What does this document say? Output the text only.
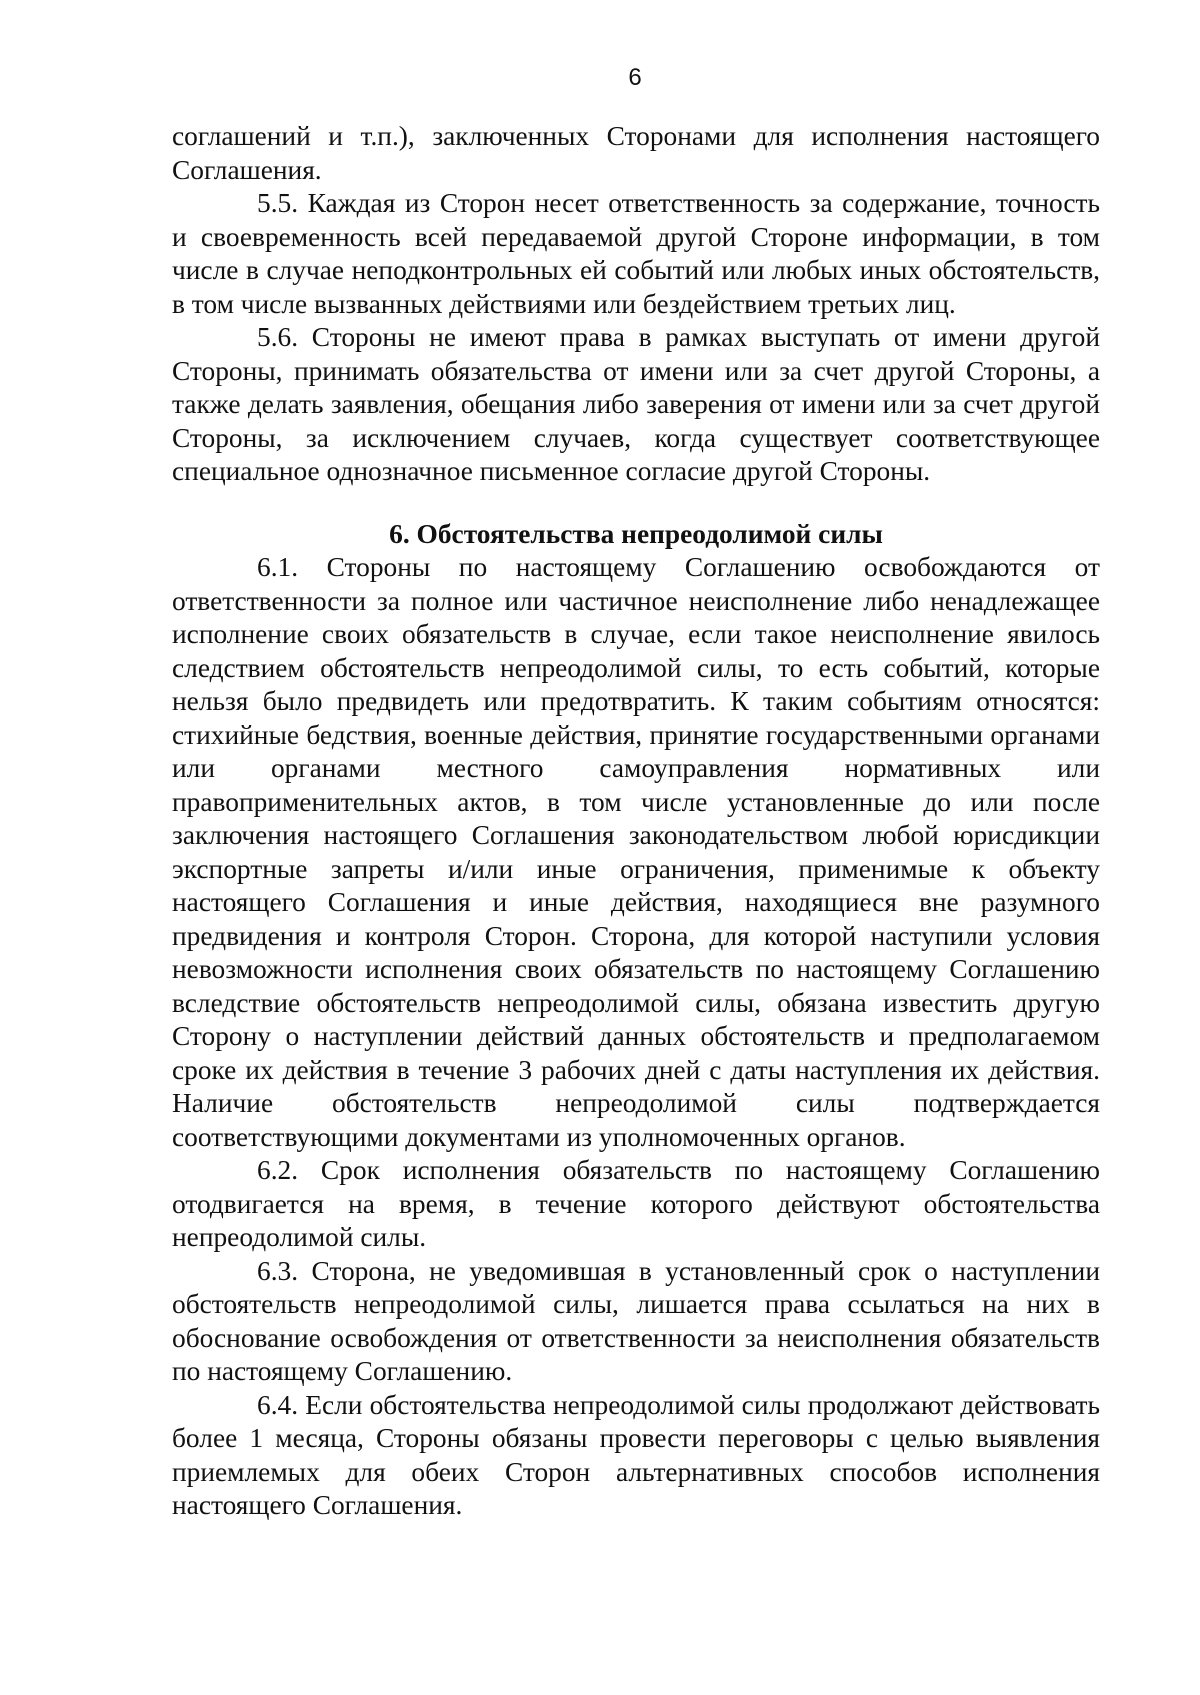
6

соглашений и т.п.), заключенных Сторонами для исполнения настоящего Соглашения.

5.5. Каждая из Сторон несет ответственность за содержание, точность и своевременность всей передаваемой другой Стороне информации, в том числе в случае неподконтрольных ей событий или любых иных обстоятельств, в том числе вызванных действиями или бездействием третьих лиц.

5.6. Стороны не имеют права в рамках выступать от имени другой Стороны, принимать обязательства от имени или за счет другой Стороны, а также делать заявления, обещания либо заверения от имени или за счет другой Стороны, за исключением случаев, когда существует соответствующее специальное однозначное письменное согласие другой Стороны.

6. Обстоятельства непреодолимой силы

6.1. Стороны по настоящему Соглашению освобождаются от ответственности за полное или частичное неисполнение либо ненадлежащее исполнение своих обязательств в случае, если такое неисполнение явилось следствием обстоятельств непреодолимой силы, то есть событий, которые нельзя было предвидеть или предотвратить. К таким событиям относятся: стихийные бедствия, военные действия, принятие государственными органами или органами местного самоуправления нормативных или правоприменительных актов, в том числе установленные до или после заключения настоящего Соглашения законодательством любой юрисдикции экспортные запреты и/или иные ограничения, применимые к объекту настоящего Соглашения и иные действия, находящиеся вне разумного предвидения и контроля Сторон. Сторона, для которой наступили условия невозможности исполнения своих обязательств по настоящему Соглашению вследствие обстоятельств непреодолимой силы, обязана известить другую Сторону о наступлении действий данных обстоятельств и предполагаемом сроке их действия в течение 3 рабочих дней с даты наступления их действия. Наличие обстоятельств непреодолимой силы подтверждается соответствующими документами из уполномоченных органов.

6.2. Срок исполнения обязательств по настоящему Соглашению отодвигается на время, в течение которого действуют обстоятельства непреодолимой силы.

6.3. Сторона, не уведомившая в установленный срок о наступлении обстоятельств непреодолимой силы, лишается права ссылаться на них в обоснование освобождения от ответственности за неисполнения обязательств по настоящему Соглашению.

6.4. Если обстоятельства непреодолимой силы продолжают действовать более 1 месяца, Стороны обязаны провести переговоры с целью выявления приемлемых для обеих Сторон альтернативных способов исполнения настоящего Соглашения.
